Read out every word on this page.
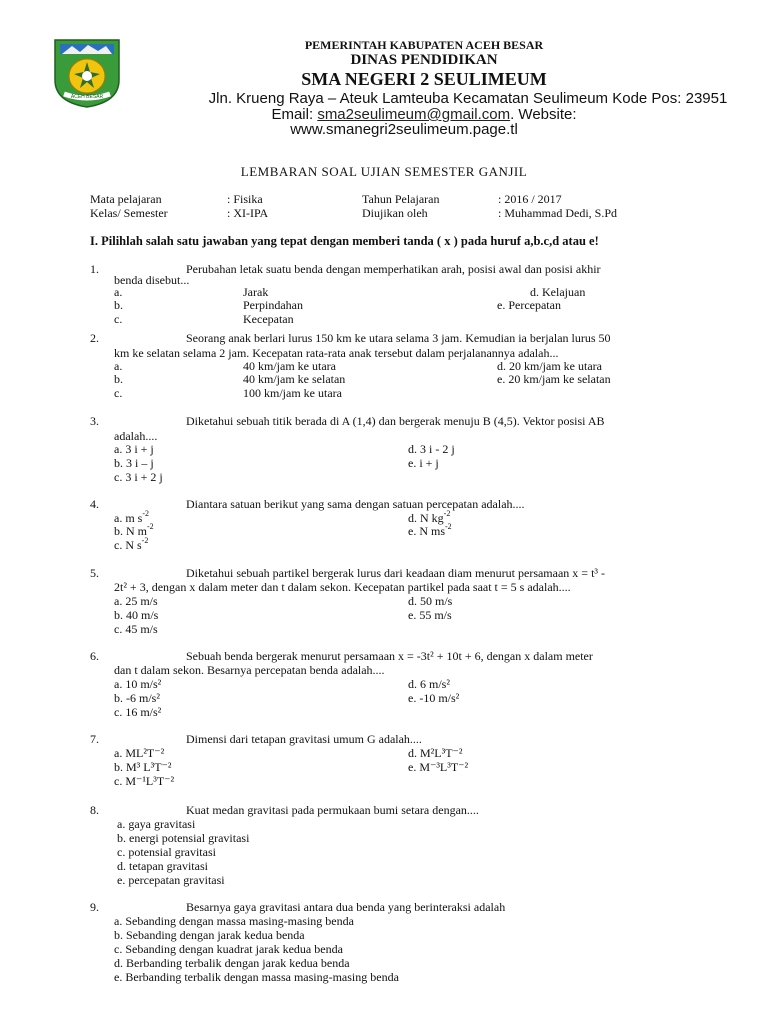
ACEH BESAR
PEMERINTAH KABUPATEN ACEH BESAR
DINAS PENDIDIKAN
SMA NEGERI 2 SEULIMEUM
Jln. Krueng Raya – Ateuk Lamteuba Kecamatan Seulimeum Kode Pos: 23951
Email: sma2seulimeum@gmail.com. Website:
www.smanegri2seulimeum.page.tl
LEMBARAN SOAL UJIAN SEMESTER GANJIL
Mata pelajaran	: Fisika	Tahun Pelajaran	: 2016 / 2017
Kelas/ Semester	: XI-IPA	Diujikan oleh	: Muhammad Dedi, S.Pd
I. Pilihlah salah satu jawaban yang tepat dengan memberi tanda ( x ) pada huruf a,b.c,d atau e!
1.	Perubahan letak suatu benda dengan memperhatikan arah, posisi awal dan posisi akhir
benda disebut...
a.	Jarak	d. Kelajuan
b.	Perpindahan	e. Percepatan
c.	Kecepatan
2.	Seorang anak berlari lurus 150 km ke utara selama 3 jam. Kemudian ia berjalan lurus 50
km ke selatan selama 2 jam. Kecepatan rata-rata anak tersebut dalam perjalanannya adalah...
a.	40 km/jam ke utara	d. 20 km/jam ke utara
b.	40 km/jam ke selatan	e. 20 km/jam ke selatan
c.	100 km/jam ke utara
3.	Diketahui sebuah titik berada di A (1,4) dan bergerak menuju B (4,5). Vektor posisi AB
adalah....
a. 3 i + j	d. 3 i - 2 j
b. 3 i – j	e. i + j
c. 3 i + 2 j
4.	Diantara satuan berikut yang sama dengan satuan percepatan adalah....
a. m $s^{-2}$	d. N $kg^{-2}$
b. N $m^{-2}$	e. N $ms^{-2}$
c. N $s^{-2}$
5.	Diketahui sebuah partikel bergerak lurus dari keadaan diam menurut persamaan x = t³ -
2t² + 3, dengan x dalam meter dan t dalam sekon. Kecepatan partikel pada saat t = 5 s adalah....
a. 25 m/s	d. 50 m/s
b. 40 m/s	e. 55 m/s
c. 45 m/s
6.	Sebuah benda bergerak menurut persamaan x = -3t² + 10t + 6, dengan x dalam meter
dan t dalam sekon. Besarnya percepatan benda adalah....
a. 10 m/s²	d. 6 m/s²
b. -6 m/s²	e. -10 m/s²
c. 16 m/s²
7.	Dimensi dari tetapan gravitasi umum G adalah....
a. ML²T⁻²	d. M²L³T⁻²
b. M³ L³T⁻²	e. M⁻³L³T⁻²
c. M⁻¹L³T⁻²
8.	Kuat medan gravitasi pada permukaan bumi setara dengan....
a. gaya gravitasi
b. energi potensial gravitasi
c. potensial gravitasi
d. tetapan gravitasi
e. percepatan gravitasi
9.	Besarnya gaya gravitasi antara dua benda yang berinteraksi adalah
a. Sebanding dengan massa masing-masing benda
b. Sebanding dengan jarak kedua benda
c. Sebanding dengan kuadrat jarak kedua benda
d. Berbanding terbalik dengan jarak kedua benda
e. Berbanding terbalik dengan massa masing-masing benda
